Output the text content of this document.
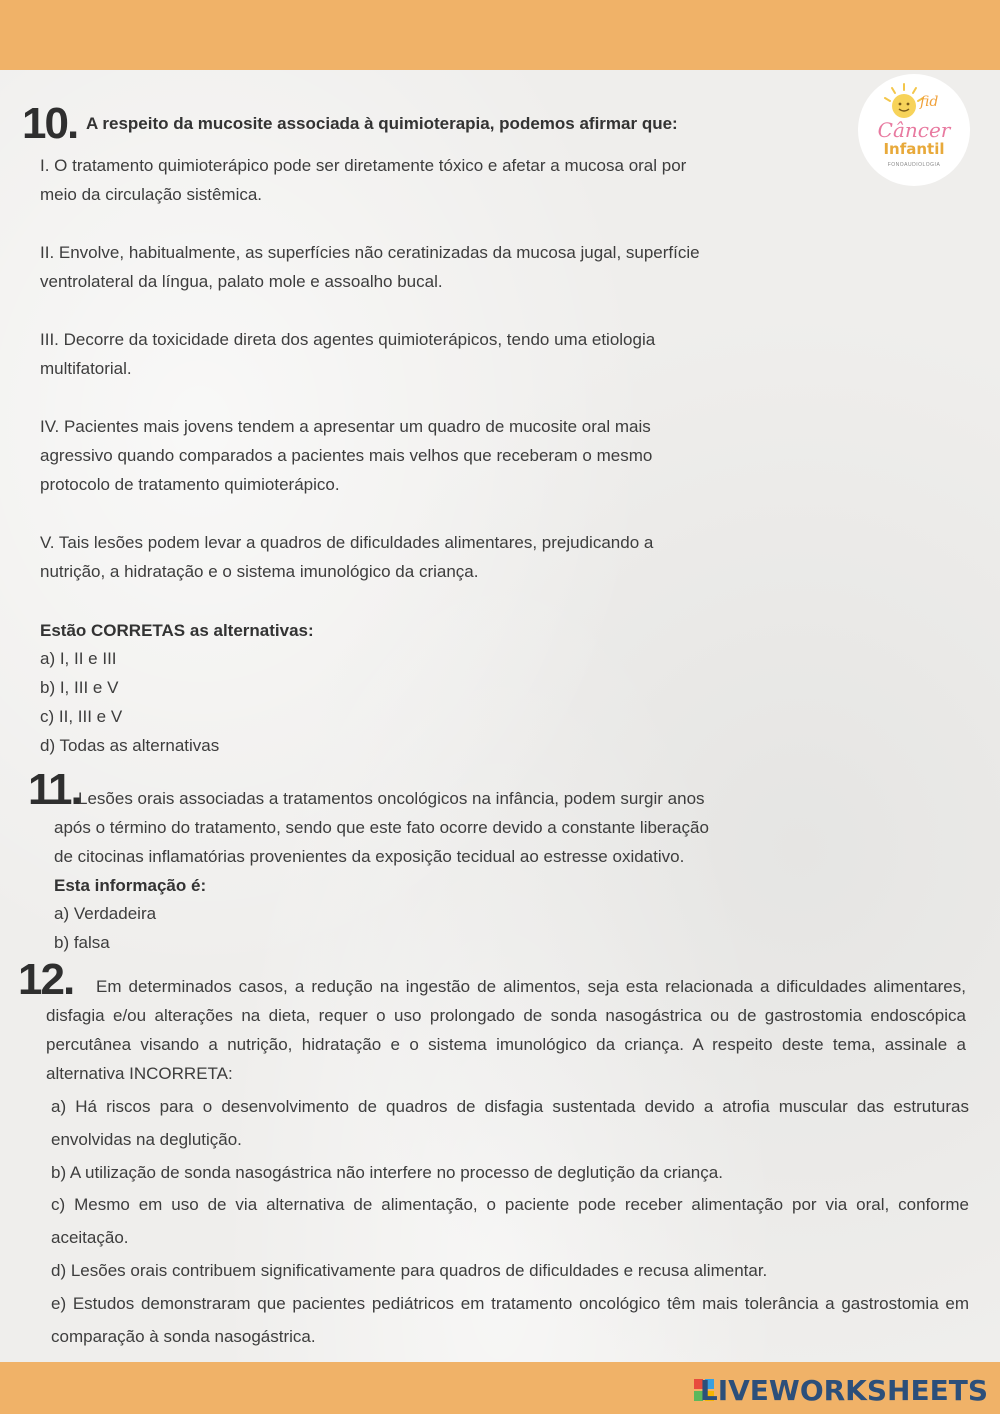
fid
Câncer
Infantil
FONOAUDIOLOGIA
10. A respeito da mucosite associada à quimioterapia, podemos afirmar que:
I. O tratamento quimioterápico pode ser diretamente tóxico e afetar a mucosa oral por
meio da circulação sistêmica.
II. Envolve, habitualmente, as superfícies não ceratinizadas da mucosa jugal, superfície
ventrolateral da língua, palato mole e assoalho bucal.
III. Decorre da toxicidade direta dos agentes quimioterápicos, tendo uma etiologia
multifatorial.
IV. Pacientes mais jovens tendem a apresentar um quadro de mucosite oral mais
agressivo quando comparados a pacientes mais velhos que receberam o mesmo
protocolo de tratamento quimioterápico.
V. Tais lesões podem levar a quadros de dificuldades alimentares, prejudicando a
nutrição, a hidratação e o sistema imunológico da criança.
Estão CORRETAS as alternativas:
a) I, II e III
b) I, III e V
c) II, III e V
d) Todas as alternativas
11.
Lesões orais associadas a tratamentos oncológicos na infância, podem surgir anos
após o término do tratamento, sendo que este fato ocorre devido a constante liberação
de citocinas inflamatórias provenientes da exposição tecidual ao estresse oxidativo.
Esta informação é:
a) Verdadeira
b) falsa
12.	Em determinados casos, a redução na ingestão de alimentos, seja esta relacionada a dificuldades alimentares, disfagia e/ou alterações na dieta, requer o uso prolongado de sonda nasogástrica ou de gastrostomia endoscópica percutânea visando a nutrição, hidratação e o sistema imunológico da criança. A respeito deste tema, assinale a alternativa INCORRETA:
a) Há riscos para o desenvolvimento de quadros de disfagia sustentada devido a atrofia muscular das estruturas envolvidas na deglutição.
b) A utilização de sonda nasogástrica não interfere no processo de deglutição da criança.
c) Mesmo em uso de via alternativa de alimentação, o paciente pode receber alimentação por via oral, conforme aceitação.
d) Lesões orais contribuem significativamente para quadros de dificuldades e recusa alimentar.
e) Estudos demonstraram que pacientes pediátricos em tratamento oncológico têm mais tolerância a gastrostomia em comparação à sonda nasogástrica.
LIVEWORKSHEETS
